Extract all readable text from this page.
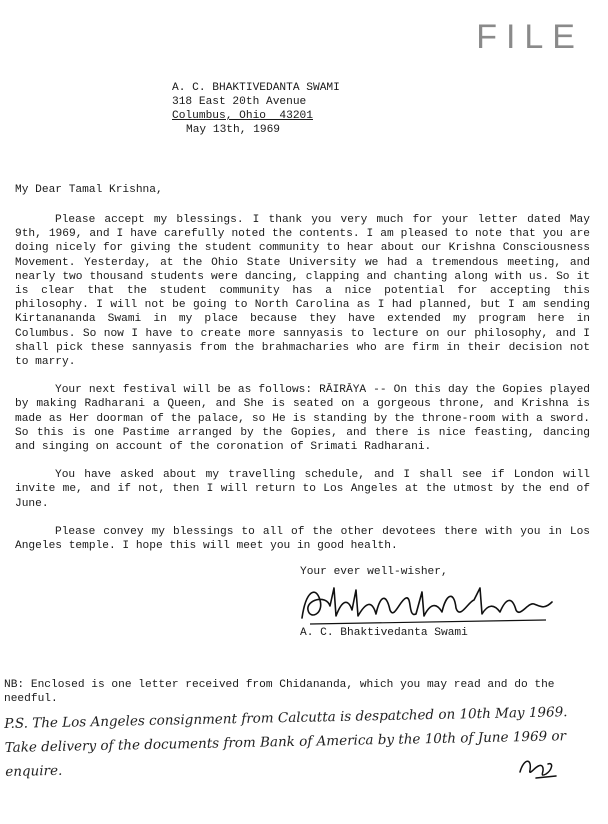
FILE
A. C. BHAKTIVEDANTA SWAMI
318 East 20th Avenue
Columbus, Ohio  43201
May 13th, 1969
My Dear Tamal Krishna,

Please accept my blessings. I thank you very much for your letter dated May 9th, 1969, and I have carefully noted the contents. I am pleased to note that you are doing nicely for giving the student community to hear about our Krishna Consciousness Movement. Yesterday, at the Ohio State University we had a tremendous meeting, and nearly two thousand students were dancing, clapping and chanting along with us. So it is clear that the student community has a nice potential for accepting this philosophy. I will not be going to North Carolina as I had planned, but I am sending Kirtanananda Swami in my place because they have extended my program here in Columbus. So now I have to create more sannyasis to lecture on our philosophy, and I shall pick these sannyasis from the brahmacharies who are firm in their decision not to marry.

Your next festival will be as follows: RĀIRĀYA -- On this day the Gopies played by making Radharani a Queen, and She is seated on a gorgeous throne, and Krishna is made as Her doorman of the palace, so He is standing by the throne-room with a sword. So this is one Pastime arranged by the Gopies, and there is nice feasting, dancing and singing on account of the coronation of Srimati Radharani.

You have asked about my travelling schedule, and I shall see if London will invite me, and if not, then I will return to Los Angeles at the utmost by the end of June.

Please convey my blessings to all of the other devotees there with you in Los Angeles temple. I hope this will meet you in good health.

Your ever well-wisher,
A. C. Bhaktivedanta Swami
NB: Enclosed is one letter received from Chidananda, which you may read and do the needful.
P.S. The Los Angeles consignment from Calcutta is despatched on 10th May 1969. Take delivery of the documents from Bank of America by the 10th of June 1969 or enquire.
